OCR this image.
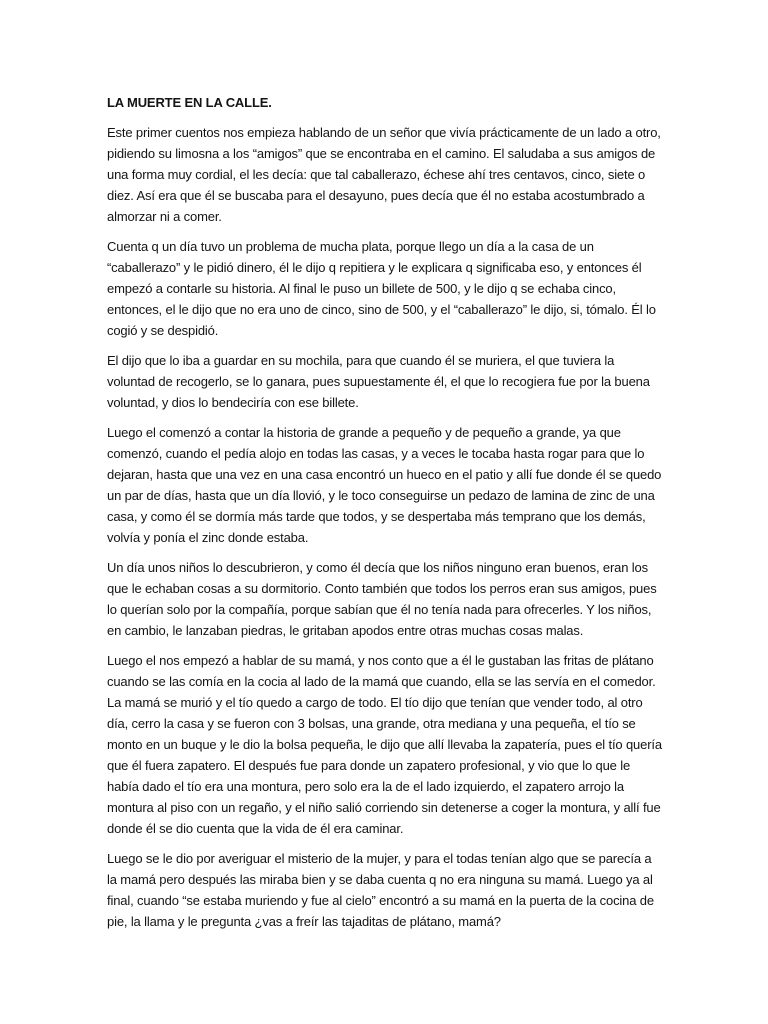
LA MUERTE EN LA CALLE.

Este primer cuentos nos empieza hablando de un señor que vivía prácticamente de un lado a otro, pidiendo su limosna a los “amigos” que se encontraba en el camino. El saludaba a sus amigos de una forma muy cordial, el les decía: que tal caballerazo, échese ahí tres centavos, cinco, siete o diez. Así era que él se buscaba para el desayuno, pues decía que él no estaba acostumbrado a almorzar ni a comer.

Cuenta q un día tuvo un problema de mucha plata, porque llego un día a la casa de un “caballerazo” y le pidió dinero, él le dijo q repitiera y le explicara q significaba eso, y entonces él empezó a contarle su historia. Al final le puso un billete de 500, y le dijo q se echaba cinco, entonces, el le dijo que no era uno de cinco, sino de 500, y el “caballerazo” le dijo, si, tómalo. Él lo cogió y se despidió.

El dijo que lo iba a guardar en su mochila, para que cuando él se muriera, el que tuviera la voluntad de recogerlo, se lo ganara, pues supuestamente él, el que lo recogiera fue por la buena voluntad, y dios lo bendeciría con ese billete.

Luego el comenzó a contar la historia de grande a pequeño y de pequeño a grande, ya que comenzó, cuando el pedía alojo en todas las casas, y a veces le tocaba hasta rogar para que lo dejaran, hasta que una vez en una casa encontró un hueco en el patio y allí fue donde él se quedo un par de días, hasta que un día llovió, y le toco conseguirse un pedazo de lamina de zinc de una casa, y como él se dormía más tarde que todos, y se despertaba más temprano que los demás, volvía y ponía el zinc donde estaba.

Un día unos niños lo descubrieron, y como él decía que los niños ninguno eran buenos, eran los que le echaban cosas a su dormitorio. Conto también que todos los perros eran sus amigos, pues lo querían solo por la compañía, porque sabían que él no tenía nada para ofrecerles. Y los niños, en cambio, le lanzaban piedras, le gritaban apodos entre otras muchas cosas malas.

Luego el nos empezó a hablar de su mamá, y nos conto que a él le gustaban las fritas de plátano cuando se las comía en la cocia al lado de la mamá que cuando, ella se las servía en el comedor. La mamá se murió y el tío quedo a cargo de todo. El tío dijo que tenían que vender todo, al otro día, cerro la casa y se fueron con 3 bolsas, una grande, otra mediana y una pequeña, el tío se monto en un buque y le dio la bolsa pequeña, le dijo que allí llevaba la zapatería, pues el tío quería que él fuera zapatero. El después fue para donde un zapatero profesional, y vio que lo que le había dado el tío era una montura, pero solo era la de el lado izquierdo, el zapatero arrojo la montura al piso con un regaño, y el niño salió corriendo sin detenerse a coger la montura, y allí fue donde él se dio cuenta que la vida de él era caminar.

Luego se le dio por averiguar el misterio de la mujer, y para el todas tenían algo que se parecía a la mamá pero después las miraba bien y se daba cuenta q no era ninguna su mamá. Luego ya al final, cuando “se estaba muriendo y fue al cielo” encontró a su mamá en la puerta de la cocina de pie, la llama y le pregunta ¿vas a freír las tajaditas de plátano, mamá?
